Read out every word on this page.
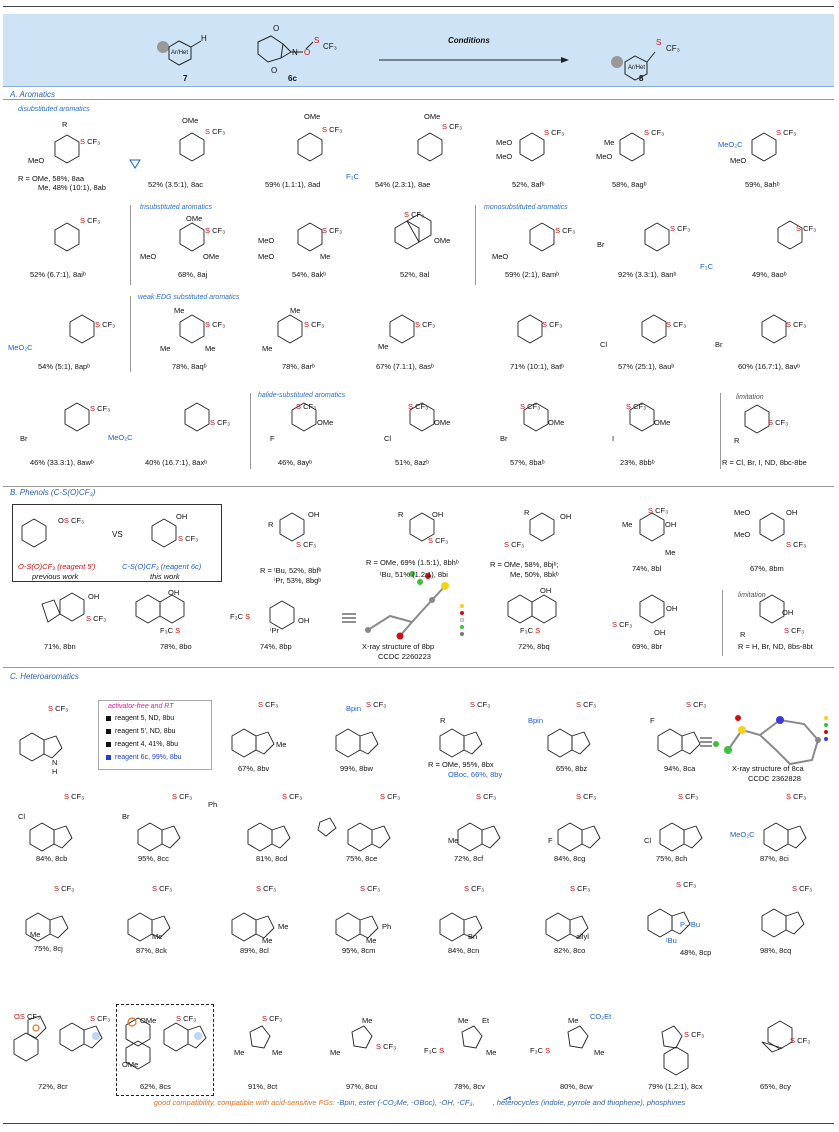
Ar/Het
H
7
O
O
N O
S
CF₃
6c
Conditions
Ar/Het
S
CF₃
8
A. Aromatics
disubstituted aromatics
S CF₃
MeO
R
R = OMe, 58%, 8aa
Me, 48% (10:1), 8ab
OMe
S CF₃
52% (3.5:1), 8ac
OMe
S CF₃
59% (1.1:1), 8ad
OMe
S CF₃
F₃C
54% (2.3:1), 8ae
S CF₃
MeO
MeO
52%, 8afᵇ
S CF₃
Me
MeO
58%, 8agᵇ
S CF₃
MeO₂C
MeO
59%, 8ahᵇ
trisubstituted aromatics	monosubstituted aromatics
S CF₃
52% (6.7:1), 8aiᵇ
OMe
S CF₃
MeO	OMe
68%, 8aj
S CF₃
MeO
MeO	Me
54%, 8akᵇ
S CF₃
OMe
52%, 8al
S CF₃
MeO
59% (2:1), 8amᵇ
S CF₃
Br
92% (3.3:1), 8anᵇ
S CF₃
F₃C
49%, 8aoᵇ
weak EDG substituted aromatics
S CF₃
MeO₂C
54% (5:1), 8apᵇ
Me
S CF₃
Me	Me
78%, 8aqᵇ
Me
S CF₃
Me
78%, 8arᵇ
S CF₃
Me
67% (7.1:1), 8asᵇ
S CF₃
71% (10:1), 8atᵇ
S CF₃
Cl
57% (25:1), 8auᵇ
S CF₃
Br
60% (16.7:1), 8avᵇ
halide-substituted aromatics	limitation
S CF₃
Br
46% (33.3:1), 8awᵇ
S CF₃
MeO₂C
40% (16.7:1), 8axᵇ
S CF₃
OMe
F
46%, 8ayᵇ
S CF₃
OMe
Cl
51%, 8azᵇ
S CF₃
OMe
Br
57%, 8baᵇ
S CF₃
OMe
I
23%, 8bbᵇ
S CF₃
R
R = Cl, Br, I, ND, 8bc-8be
B. Phenols (C-S(O)CF₃)
OS CF₃
VS
OH
S CF₃
O-S(O)CF₃ (reagent 5')
previous work
C-S(O)CF₃ (reagent 6c)
this work
OH
R
S CF₃
R = ᵗBu, 52%, 8bfᵇ
ⁱPr, 53%, 8bgᵇ
OH
R
S CF₃
R = OMe, 69% (1.5:1), 8bhᵇ
ᵗBu, 51% (1.2:1), 8bi
OH
R
S CF₃
R = OMe, 58%, 8bjᵇ;
Me, 50%, 8bkᵇ
S CF₃
Me	OH
Me
74%, 8bl
MeO	OH
MeO
S CF₃
67%, 8bm
OH
S CF₃
71%, 8bn
OH
F₃C S
78%, 8bo
F₃C S	OH
ⁱPr
74%, 8bp	X-ray structure of 8bp
CCDC 2260223
OH
F₃C S
72%, 8bq
OH
S CF₃
OH
69%, 8br
limitation
OH
R	S CF₃
R = H, Br, ND, 8bs-8bt
C. Heteroaromatics
activator-free and RT
reagent 5, ND, 8bu
reagent 5', ND, 8bu
reagent 4, 41%, 8bu
reagent 6c, 99%, 8bu
S CF₃
N
H
S CF₃
Me
67%, 8bv
Bpin S CF₃
99%, 8bw
R
S CF₃
R = OMe, 95%, 8bx
OBoc, 66%, 8by
Bpin
S CF₃
65%, 8bz
F
S CF₃
94%, 8ca	X-ray structure of 8ca
CCDC 2362828
Cl
S CF₃
84%, 8cb
Br
S CF₃
95%, 8cc
Ph
S CF₃
81%, 8cd
S CF₃
75%, 8ce
S CF₃
Me
72%, 8cf
S CF₃
F
84%, 8cg
S CF₃
Cl
75%, 8ch
S CF₃
MeO₂C
87%, 8ci
S CF₃
Me
75%, 8cj
S CF₃
Me
87%, 8ck
S CF₃
Me
Me
89%, 8cl
S CF₃
Ph
Me
95%, 8cm
S CF₃
Bn
84%, 8cn
S CF₃
allyl
82%, 8co
S CF₃
P–ᵗBu
ᵗBu
48%, 8cp
S CF₃
98%, 8cq
OS CF₃	S CF₃
72%, 8cr
OMe
OMe
S CF₃
62%, 8cs
S CF₃
Me	Me
91%, 8ct
Me
Me
S CF₃
97%, 8cu
Me Et
F₃C S	Me
78%, 8cv
Me CO₂Et
F₃C S	Me
80%, 8cw
S CF₃
79% (1.2:1), 8cx
S CF₃
65%, 8cy
good compatibility, compatible with acid-sensitive FGs: -Bpin, ester (-CO₂Me, -OBoc), -OH, -CF₃, , heterocycles (indole, pyrrole and thiophene), phosphines
